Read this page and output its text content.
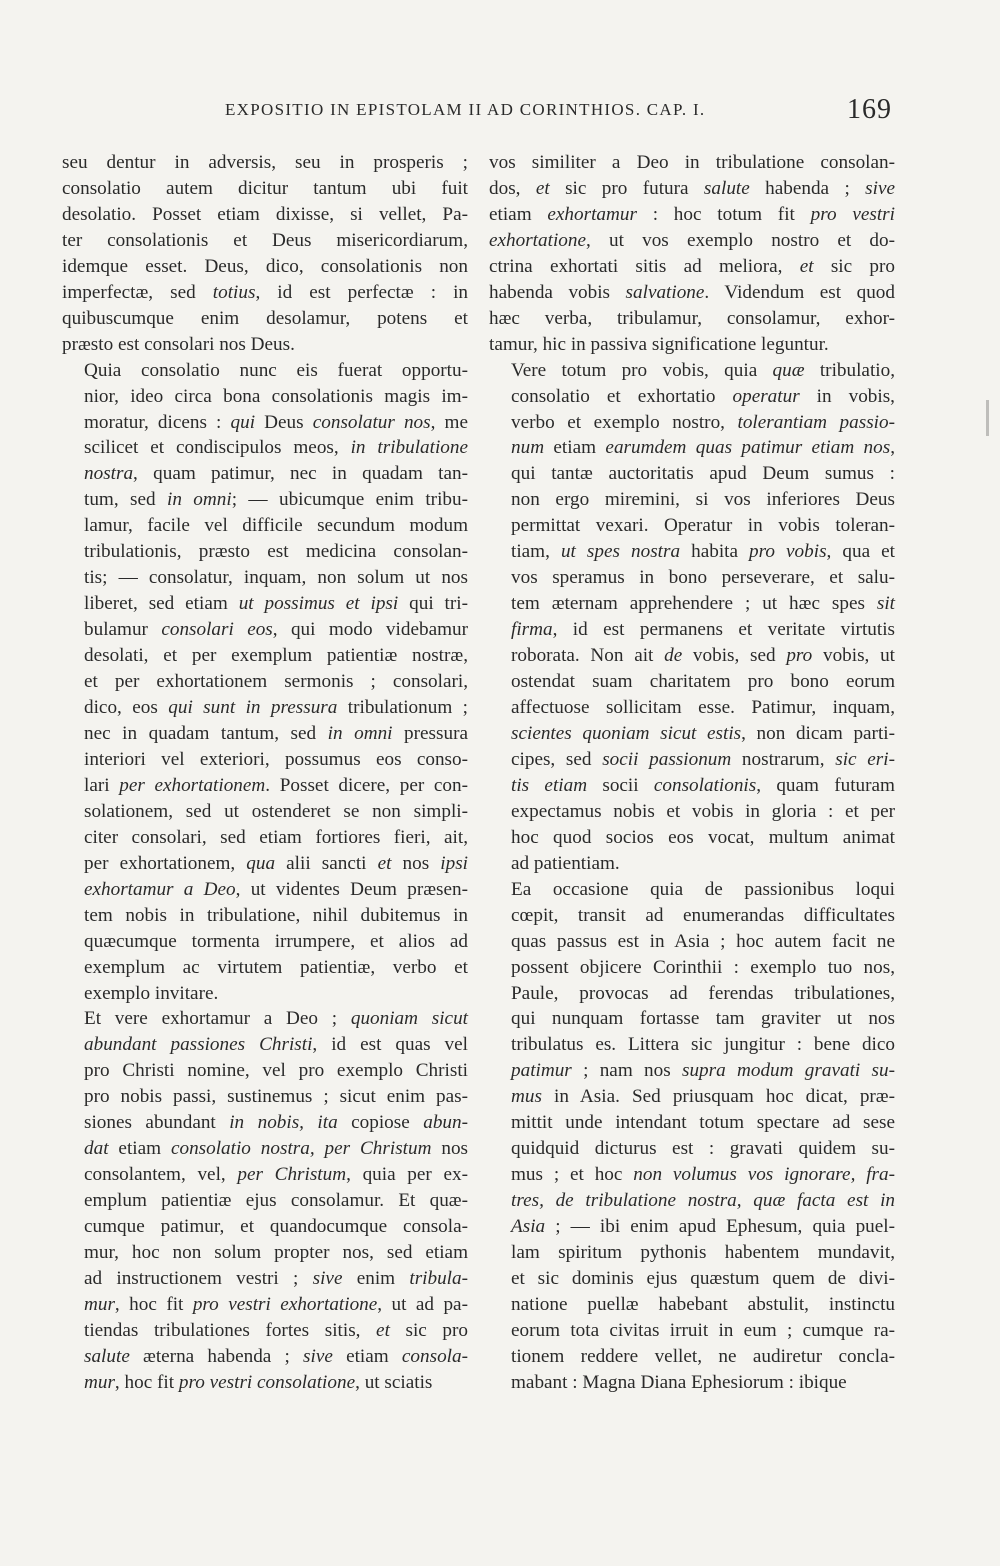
EXPOSITIO IN EPISTOLAM II AD CORINTHIOS. CAP. I.	169

seu dentur in adversis, seu in prosperis ;
consolatio autem dicitur tantum ubi fuit
desolatio. Posset etiam dixisse, si vellet, Pa-
ter consolationis et Deus misericordiarum,
idemque esset. Deus, dico, consolationis non
imperfectæ, sed totius, id est perfectæ : in
quibuscumque enim desolamur, potens et
præsto est consolari nos Deus.

Quia consolatio nunc eis fuerat opportu-
nior, ideo circa bona consolationis magis im-
moratur, dicens : qui Deus consolatur nos, me
scilicet et condiscipulos meos, in tribulatione
nostra, quam patimur, nec in quadam tan-
tum, sed in omni; — ubicumque enim tribu-
lamur, facile vel difficile secundum modum
tribulationis, præsto est medicina consolan-
tis; — consolatur, inquam, non solum ut nos
liberet, sed etiam ut possimus et ipsi qui tri-
bulamur consolari eos, qui modo videbamur
desolati, et per exemplum patientiæ nostræ,
et per exhortationem sermonis ; consolari,
dico, eos qui sunt in pressura tribulationum ;
nec in quadam tantum, sed in omni pressura
interiori vel exteriori, possumus eos conso-
lari per exhortationem. Posset dicere, per con-
solationem, sed ut ostenderet se non simpli-
citer consolari, sed etiam fortiores fieri, ait,
per exhortationem, qua alii sancti et nos ipsi
exhortamur a Deo, ut videntes Deum præsen-
tem nobis in tribulatione, nihil dubitemus in
quæcumque tormenta irrumpere, et alios ad
exemplum ac virtutem patientiæ, verbo et
exemplo invitare.

Et vere exhortamur a Deo ; quoniam sicut
abundant passiones Christi, id est quas vel
pro Christi nomine, vel pro exemplo Christi
pro nobis passi, sustinemus ; sicut enim pas-
siones abundant in nobis, ita copiose abun-
dat etiam consolatio nostra, per Christum nos
consolantem, vel, per Christum, quia per ex-
emplum patientiæ ejus consolamur. Et quæ-
cumque patimur, et quandocumque consola-
mur, hoc non solum propter nos, sed etiam
ad instructionem vestri ; sive enim tribula-
mur, hoc fit pro vestri exhortatione, ut ad pa-
tiendas tribulationes fortes sitis, et sic pro
salute æterna habenda ; sive etiam consola-
mur, hoc fit pro vestri consolatione, ut sciatis

vos similiter a Deo in tribulatione consolan-
dos, et sic pro futura salute habenda ; sive
etiam exhortamur : hoc totum fit pro vestri
exhortatione, ut vos exemplo nostro et do-
ctrina exhortati sitis ad meliora, et sic pro
habenda vobis salvatione. Videndum est quod
hæc verba, tribulamur, consolamur, exhor-
tamur, hic in passiva significatione leguntur.

Vere totum pro vobis, quia quæ tribulatio,
consolatio et exhortatio operatur in vobis,
verbo et exemplo nostro, tolerantiam passio-
num etiam earumdem quas patimur etiam nos,
qui tantæ auctoritatis apud Deum sumus :
non ergo miremini, si vos inferiores Deus
permittat vexari. Operatur in vobis toleran-
tiam, ut spes nostra habita pro vobis, qua et
vos speramus in bono perseverare, et salu-
tem æternam apprehendere ; ut hæc spes sit
firma, id est permanens et veritate virtutis
roborata. Non ait de vobis, sed pro vobis, ut
ostendat suam charitatem pro bono eorum
affectuose sollicitam esse. Patimur, inquam,
scientes quoniam sicut estis, non dicam parti-
cipes, sed socii passionum nostrarum, sic eri-
tis etiam socii consolationis, quam futuram
expectamus nobis et vobis in gloria : et per
hoc quod socios eos vocat, multum animat
ad patientiam.

Ea occasione quia de passionibus loqui
cœpit, transit ad enumerandas difficultates
quas passus est in Asia ; hoc autem facit ne
possent objicere Corinthii : exemplo tuo nos,
Paule, provocas ad ferendas tribulationes,
qui nunquam fortasse tam graviter ut nos
tribulatus es. Littera sic jungitur : bene dico
patimur ; nam nos supra modum gravati su-
mus in Asia. Sed priusquam hoc dicat, præ-
mittit unde intendant totum spectare ad sese
quidquid dicturus est : gravati quidem su-
mus ; et hoc non volumus vos ignorare, fra-
tres, de tribulatione nostra, quæ facta est in
Asia ; — ibi enim apud Ephesum, quia puel-
lam spiritum pythonis habentem mundavit,
et sic dominis ejus quæstum quem de divi-
natione puellæ habebant abstulit, instinctu
eorum tota civitas irruit in eum ; cumque ra-
tionem reddere vellet, ne audiretur concla-
mabant : Magna Diana Ephesiorum : ibique
